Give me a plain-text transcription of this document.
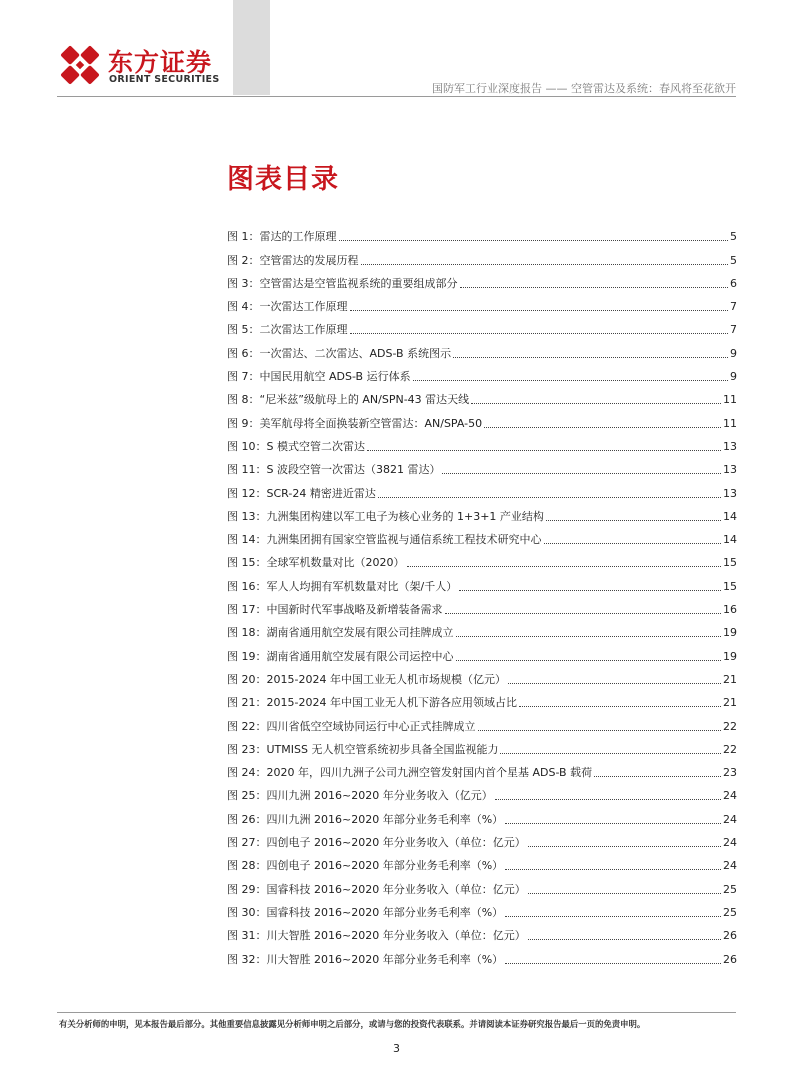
东方证券
ORIENT SECURITIES
国防军工行业深度报告 —— 空管雷达及系统：春风将至花欲开
图表目录
图 1：雷达的工作原理	5
图 2：空管雷达的发展历程	5
图 3：空管雷达是空管监视系统的重要组成部分	6
图 4：一次雷达工作原理	7
图 5：二次雷达工作原理	7
图 6：一次雷达、二次雷达、ADS-B 系统图示	9
图 7：中国民用航空 ADS-B 运行体系	9
图 8：“尼米兹”级航母上的 AN/SPN-43 雷达天线	11
图 9：美军航母将全面换装新空管雷达：AN/SPA-50	11
图 10：S 模式空管二次雷达	13
图 11：S 波段空管一次雷达（3821 雷达）	13
图 12：SCR-24 精密进近雷达	13
图 13：九洲集团构建以军工电子为核心业务的 1+3+1 产业结构	14
图 14：九洲集团拥有国家空管监视与通信系统工程技术研究中心	14
图 15：全球军机数量对比（2020）	15
图 16：军人人均拥有军机数量对比（架/千人）	15
图 17：中国新时代军事战略及新增装备需求	16
图 18：湖南省通用航空发展有限公司挂牌成立	19
图 19：湖南省通用航空发展有限公司运控中心	19
图 20：2015-2024 年中国工业无人机市场规模（亿元）	21
图 21：2015-2024 年中国工业无人机下游各应用领域占比	21
图 22：四川省低空空域协同运行中心正式挂牌成立	22
图 23：UTMISS 无人机空管系统初步具备全国监视能力	22
图 24：2020 年，四川九洲子公司九洲空管发射国内首个星基 ADS-B 载荷	23
图 25：四川九洲 2016~2020 年分业务收入（亿元）	24
图 26：四川九洲 2016~2020 年部分业务毛利率（%）	24
图 27：四创电子 2016~2020 年分业务收入（单位：亿元）	24
图 28：四创电子 2016~2020 年部分业务毛利率（%）	24
图 29：国睿科技 2016~2020 年分业务收入（单位：亿元）	25
图 30：国睿科技 2016~2020 年部分业务毛利率（%）	25
图 31：川大智胜 2016~2020 年分业务收入（单位：亿元）	26
图 32：川大智胜 2016~2020 年部分业务毛利率（%）	26
有关分析师的申明，见本报告最后部分。其他重要信息披露见分析师申明之后部分，或请与您的投资代表联系。并请阅读本证券研究报告最后一页的免责申明。
3
